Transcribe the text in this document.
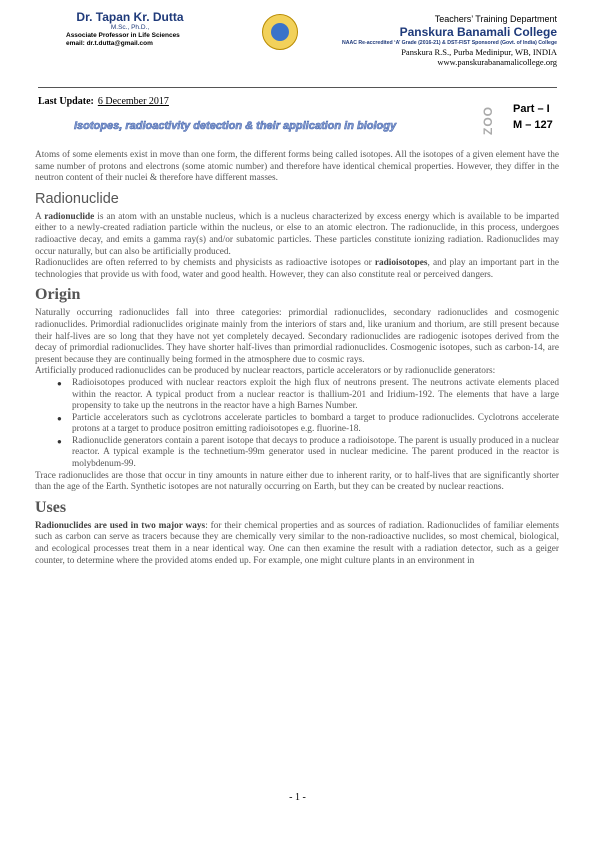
Dr. Tapan Kr. Dutta
M.Sc., Ph.D.,
Associate Professor in Life Sciences
email: dr.t.dutta@gmail.com
Teachers’ Training Department
Panskura Banamali College
NAAC Re-accredited ‘A’ Grade (2016-21) & DST-FIST Sponsored (Govt. of India) College
Panskura R.S., Purba Medinipur, WB, INDIA
www.panskurabanamalicollege.org
Last Update: 6 December 2017
Isotopes, radioactivity detection & their application in biology	ZOO Part – I
M – 127

Atoms of some elements exist in move than one form, the different forms being called isotopes. All the isotopes of a given element have the same number of protons and electrons (some atomic number) and therefore have identical chemical properties. However, they differ in the neutron content of their nuclei & therefore have different masses.

Radionuclide

A radionuclide is an atom with an unstable nucleus, which is a nucleus characterized by excess energy which is available to be imparted either to a newly-created radiation particle within the nucleus, or else to an atomic electron. The radionuclide, in this process, undergoes radioactive decay, and emits a gamma ray(s) and/or subatomic particles. These particles constitute ionizing radiation. Radionuclides may occur naturally, but can also be artificially produced.

Radionuclides are often referred to by chemists and physicists as radioactive isotopes or radioisotopes, and play an important part in the technologies that provide us with food, water and good health. However, they can also constitute real or perceived dangers.

Origin

Naturally occurring radionuclides fall into three categories: primordial radionuclides, secondary radionuclides and cosmogenic radionuclides. Primordial radionuclides originate mainly from the interiors of stars and, like uranium and thorium, are still present because their half-lives are so long that they have not yet completely decayed. Secondary radionuclides are radiogenic isotopes derived from the decay of primordial radionuclides. They have shorter half-lives than primordial radionuclides. Cosmogenic isotopes, such as carbon-14, are present because they are continually being formed in the atmosphere due to cosmic rays.

Artificially produced radionuclides can be produced by nuclear reactors, particle accelerators or by radionuclide generators:

● Radioisotopes produced with nuclear reactors exploit the high flux of neutrons present. The neutrons activate elements placed within the reactor. A typical product from a nuclear reactor is thallium-201 and Iridium-192. The elements that have a large propensity to take up the neutrons in the reactor have a high Barnes Number.
● Particle accelerators such as cyclotrons accelerate particles to bombard a target to produce radionuclides. Cyclotrons accelerate protons at a target to produce positron emitting radioisotopes e.g. fluorine-18.
● Radionuclide generators contain a parent isotope that decays to produce a radioisotope. The parent is usually produced in a nuclear reactor. A typical example is the technetium-99m generator used in nuclear medicine. The parent produced in the reactor is molybdenum-99.

Trace radionuclides are those that occur in tiny amounts in nature either due to inherent rarity, or to half-lives that are significantly shorter than the age of the Earth. Synthetic isotopes are not naturally occurring on Earth, but they can be created by nuclear reactions.

Uses

Radionuclides are used in two major ways: for their chemical properties and as sources of radiation. Radionuclides of familiar elements such as carbon can serve as tracers because they are chemically very similar to the non-radioactive nuclides, so most chemical, biological, and ecological processes treat them in a near identical way. One can then examine the result with a radiation detector, such as a geiger counter, to determine where the provided atoms ended up. For example, one might culture plants in an environment in

- 1 -
